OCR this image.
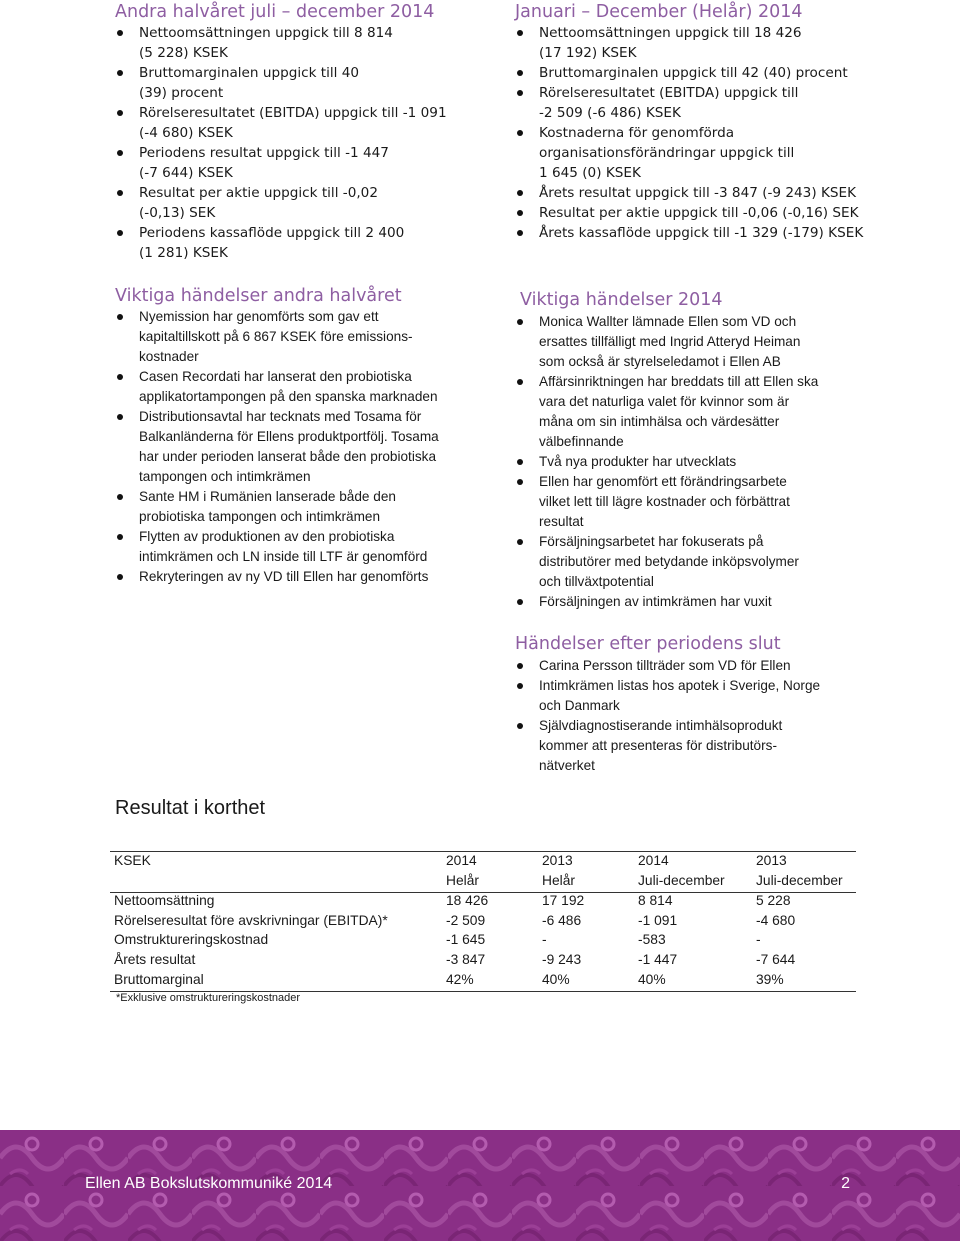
Andra halvåret juli – december 2014
Nettoomsättningen uppgick till 8 814
(5 228) KSEK
Bruttomarginalen uppgick till 40
(39) procent
Rörelseresultatet (EBITDA) uppgick till -1 091
(-4 680) KSEK
Periodens resultat uppgick till -1 447
(-7 644) KSEK
Resultat per aktie uppgick till -0,02
(-0,13) SEK
Periodens kassaflöde uppgick till 2 400
(1 281) KSEK
Viktiga händelser andra halvåret
Nyemission har genomförts som gav ett
kapitaltillskott på 6 867 KSEK före emissions-
kostnader
Casen Recordati har lanserat den probiotiska
applikatortampongen på den spanska marknaden
Distributionsavtal har tecknats med Tosama för
Balkanländerna för Ellens produktportfölj. Tosama
har under perioden lanserat både den probiotiska
tampongen och intimkrämen
Sante HM i Rumänien lanserade både den
probiotiska tampongen och intimkrämen
Flytten av produktionen av den probiotiska
intimkrämen och LN inside till LTF är genomförd
Rekryteringen av ny VD till Ellen har genomförts
Januari – December (Helår) 2014
Nettoomsättningen uppgick till 18 426
(17 192) KSEK
Bruttomarginalen uppgick till 42 (40) procent
Rörelseresultatet (EBITDA) uppgick till
-2 509 (-6 486) KSEK
Kostnaderna för genomförda
organisationsförändringar uppgick till
1 645 (0) KSEK
Årets resultat uppgick till -3 847 (-9 243) KSEK
Resultat per aktie uppgick till -0,06 (-0,16) SEK
Årets kassaflöde uppgick till -1 329 (-179) KSEK
Viktiga händelser 2014
Monica Wallter lämnade Ellen som VD och
ersattes tillfälligt med Ingrid Atteryd Heiman
som också är styrelseledamot i Ellen AB
Affärsinriktningen har breddats till att Ellen ska
vara det naturliga valet för kvinnor som är
måna om sin intimhälsa och värdesätter
välbefinnande
Två nya produkter har utvecklats
Ellen har genomfört ett förändringsarbete
vilket lett till lägre kostnader och förbättrat
resultat
Försäljningsarbetet har fokuserats på
distributörer med betydande inköpsvolymer
och tillväxtpotential
Försäljningen av intimkrämen har vuxit
Händelser efter periodens slut
Carina Persson tillträder som VD för Ellen
Intimkrämen listas hos apotek i Sverige, Norge
och Danmark
Självdiagnostiserande intimhälsoprodukt
kommer att presenteras för distributörs-
nätverket
Resultat i korthet
KSEK	2014	2013	2014	2013
	Helår	Helår	Juli-december	Juli-december
Nettoomsättning	18 426	17 192	8 814	5 228
Rörelseresultat före avskrivningar (EBITDA)*	-2 509	-6 486	-1 091	-4 680
Omstruktureringskostnad	-1 645	-	-583	-
Årets resultat	-3 847	-9 243	-1 447	-7 644
Bruttomarginal	42%	40%	40%	39%
*Exklusive omstruktureringskostnader
Ellen AB Bokslutskommuniké 2014	2
